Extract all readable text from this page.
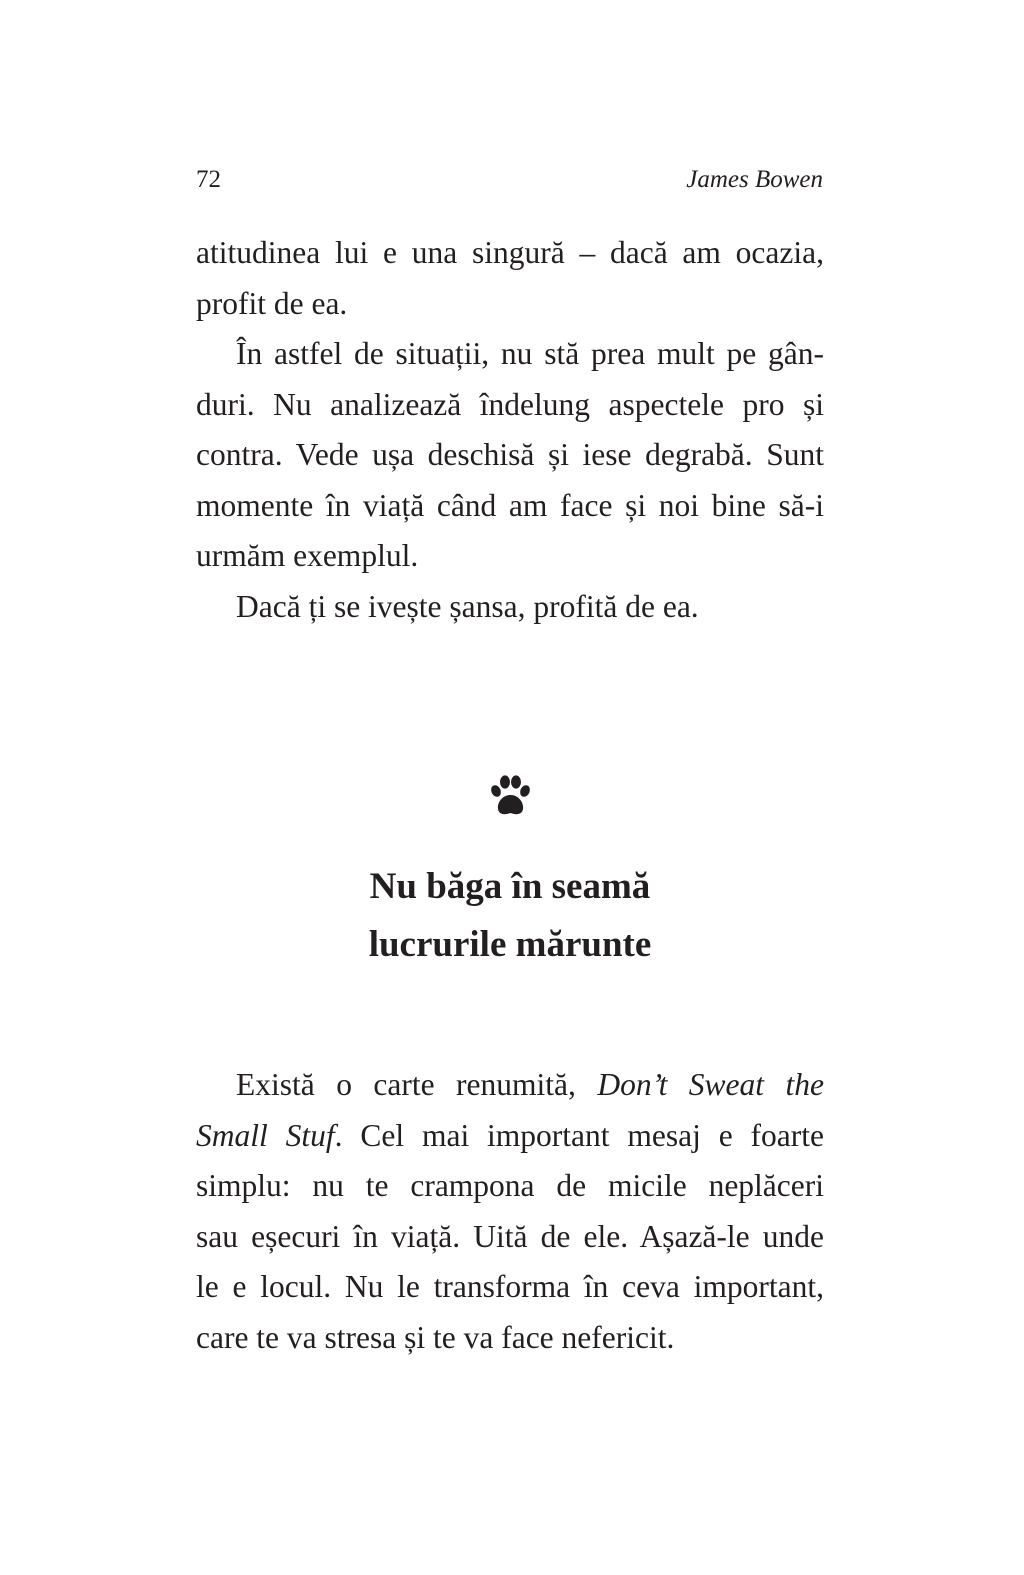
72	James Bowen
atitudinea lui e una singură – dacă am ocazia,
profit de ea.
În astfel de situații, nu stă prea mult pe gân-
duri. Nu analizează îndelung aspectele pro și
contra. Vede ușa deschisă și iese degrabă. Sunt
momente în viață când am face și noi bine să-i
urmăm exemplul.
Dacă ți se ivește șansa, profită de ea.
Nu băga în seamă
lucrurile mărunte
Există o carte renumită, Don’t Sweat the
Small Stuf. Cel mai important mesaj e foarte
simplu: nu te crampona de micile neplăceri
sau eșecuri în viață. Uită de ele. Așază-le unde
le e locul. Nu le transforma în ceva important,
care te va stresa și te va face nefericit.
